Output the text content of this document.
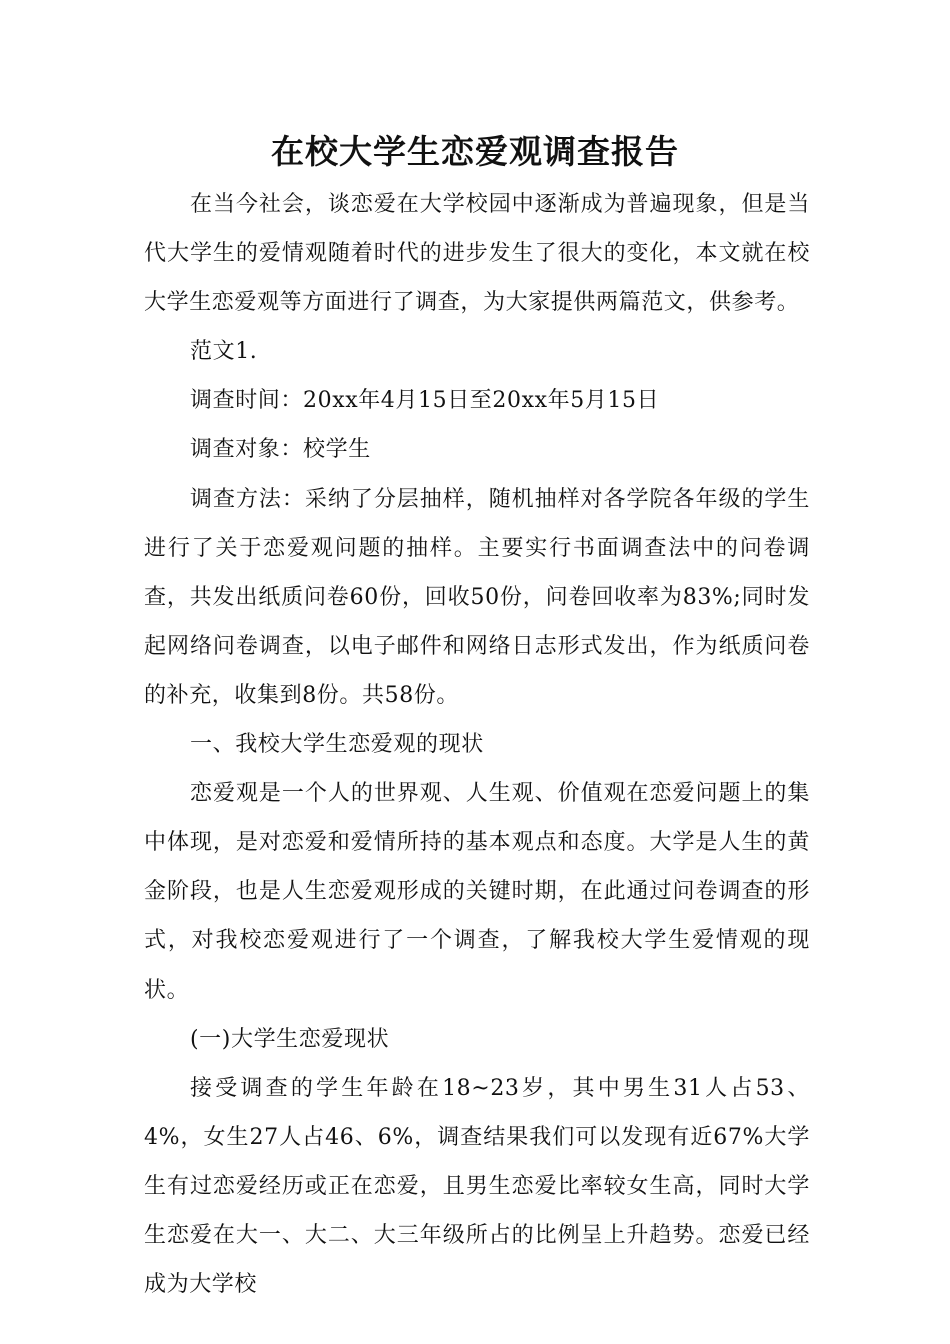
在校大学生恋爱观调查报告

在当今社会，谈恋爱在大学校园中逐渐成为普遍现象，但是当代大学生的爱情观随着时代的进步发生了很大的变化，本文就在校大学生恋爱观等方面进行了调查，为大家提供两篇范文，供参考。

范文1.

调查时间：20xx年4月15日至20xx年5月15日

调查对象：校学生

调查方法：采纳了分层抽样，随机抽样对各学院各年级的学生进行了关于恋爱观问题的抽样。主要实行书面调查法中的问卷调查，共发出纸质问卷60份，回收50份，问卷回收率为83%;同时发起网络问卷调查，以电子邮件和网络日志形式发出，作为纸质问卷的补充，收集到8份。共58份。

一、我校大学生恋爱观的现状

恋爱观是一个人的世界观、人生观、价值观在恋爱问题上的集中体现，是对恋爱和爱情所持的基本观点和态度。大学是人生的黄金阶段，也是人生恋爱观形成的关键时期，在此通过问卷调查的形式，对我校恋爱观进行了一个调查，了解我校大学生爱情观的现状。

(一)大学生恋爱现状

接受调查的学生年龄在18~23岁，其中男生31人占53、4%，女生27人占46、6%，调查结果我们可以发现有近67%大学生有过恋爱经历或正在恋爱，且男生恋爱比率较女生高，同时大学生恋爱在大一、大二、大三年级所占的比例呈上升趋势。恋爱已经成为大学校
